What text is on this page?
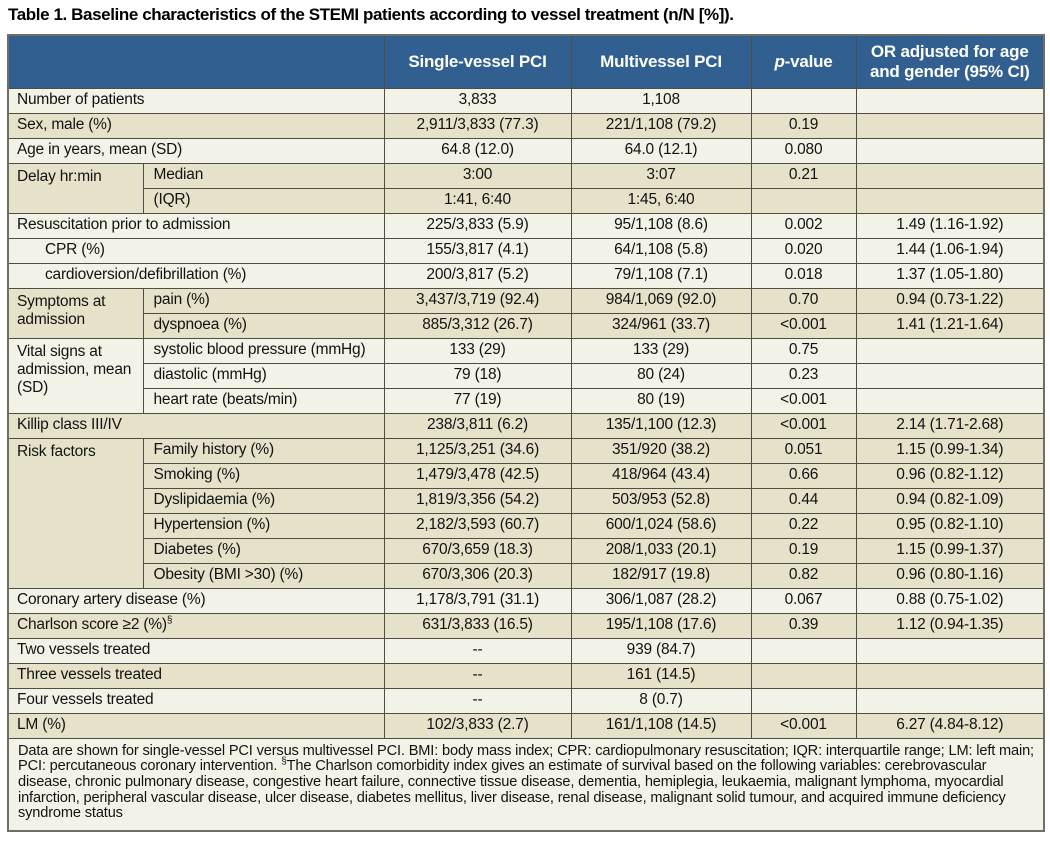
Table 1. Baseline characteristics of the STEMI patients according to vessel treatment (n/N [%]).
		Single-vessel PCI	Multivessel PCI	p-value	OR adjusted for age and gender (95% CI)
Number of patients		3,833	1,108		
Sex, male (%)		2,911/3,833 (77.3)	221/1,108 (79.2)	0.19	
Age in years, mean (SD)		64.8 (12.0)	64.0 (12.1)	0.080	
Delay hr:min	Median	3:00	3:07	0.21	
	(IQR)	1:41, 6:40	1:45, 6:40		
Resuscitation prior to admission		225/3,833 (5.9)	95/1,108 (8.6)	0.002	1.49 (1.16-1.92)
CPR (%)		155/3,817 (4.1)	64/1,108 (5.8)	0.020	1.44 (1.06-1.94)
cardioversion/defibrillation (%)		200/3,817 (5.2)	79/1,108 (7.1)	0.018	1.37 (1.05-1.80)
Symptoms at admission	pain (%)	3,437/3,719 (92.4)	984/1,069 (92.0)	0.70	0.94 (0.73-1.22)
	dyspnoea (%)	885/3,312 (26.7)	324/961 (33.7)	<0.001	1.41 (1.21-1.64)
Vital signs at admission, mean (SD)	systolic blood pressure (mmHg)	133 (29)	133 (29)	0.75	
	diastolic (mmHg)	79 (18)	80 (24)	0.23	
	heart rate (beats/min)	77 (19)	80 (19)	<0.001	
Killip class III/IV		238/3,811 (6.2)	135/1,100 (12.3)	<0.001	2.14 (1.71-2.68)
Risk factors	Family history (%)	1,125/3,251 (34.6)	351/920 (38.2)	0.051	1.15 (0.99-1.34)
	Smoking (%)	1,479/3,478 (42.5)	418/964 (43.4)	0.66	0.96 (0.82-1.12)
	Dyslipidaemia (%)	1,819/3,356 (54.2)	503/953 (52.8)	0.44	0.94 (0.82-1.09)
	Hypertension (%)	2,182/3,593 (60.7)	600/1,024 (58.6)	0.22	0.95 (0.82-1.10)
	Diabetes (%)	670/3,659 (18.3)	208/1,033 (20.1)	0.19	1.15 (0.99-1.37)
	Obesity (BMI >30) (%)	670/3,306 (20.3)	182/917 (19.8)	0.82	0.96 (0.80-1.16)
Coronary artery disease (%)		1,178/3,791 (31.1)	306/1,087 (28.2)	0.067	0.88 (0.75-1.02)
Charlson score ≥2 (%)§		631/3,833 (16.5)	195/1,108 (17.6)	0.39	1.12 (0.94-1.35)
Two vessels treated		--	939 (84.7)		
Three vessels treated		--	161 (14.5)		
Four vessels treated		--	8 (0.7)		
LM (%)		102/3,833 (2.7)	161/1,108 (14.5)	<0.001	6.27 (4.84-8.12)
Data are shown for single-vessel PCI versus multivessel PCI. BMI: body mass index; CPR: cardiopulmonary resuscitation; IQR: interquartile range; LM: left main; PCI: percutaneous coronary intervention. §The Charlson comorbidity index gives an estimate of survival based on the following variables: cerebrovascular disease, chronic pulmonary disease, congestive heart failure, connective tissue disease, dementia, hemiplegia, leukaemia, malignant lymphoma, myocardial infarction, peripheral vascular disease, ulcer disease, diabetes mellitus, liver disease, renal disease, malignant solid tumour, and acquired immune deficiency syndrome status					
